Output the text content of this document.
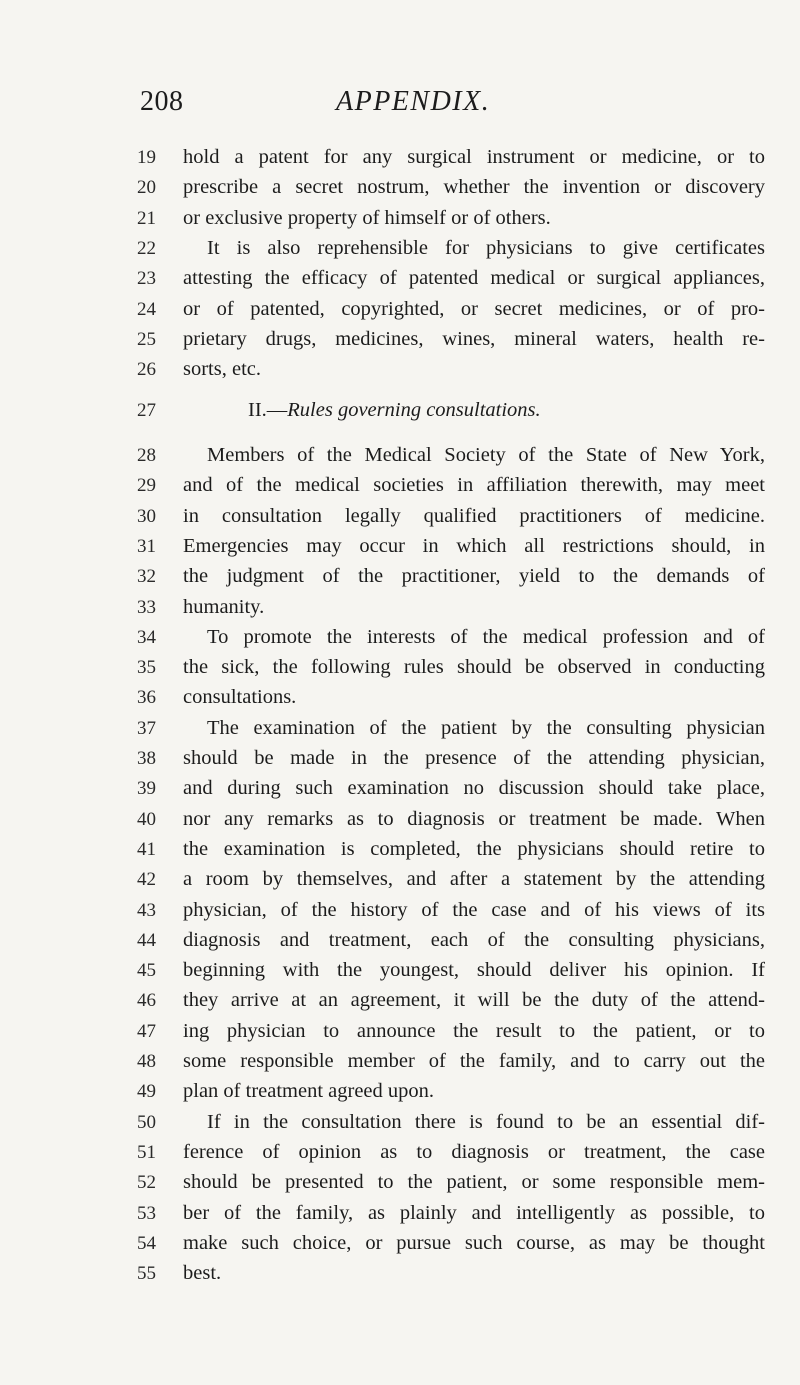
208	APPENDIX.
19	hold a patent for any surgical instrument or medicine, or to
20	prescribe a secret nostrum, whether the invention or discovery
21	or exclusive property of himself or of others.
22	It is also reprehensible for physicians to give certificates
23	attesting the efficacy of patented medical or surgical appliances,
24	or of patented, copyrighted, or secret medicines, or of pro-
25	prietary drugs, medicines, wines, mineral waters, health re-
26	sorts, etc.
27	II.—Rules governing consultations.
28	Members of the Medical Society of the State of New York,
29	and of the medical societies in affiliation therewith, may meet
30	in consultation legally qualified practitioners of medicine.
31	Emergencies may occur in which all restrictions should, in
32	the judgment of the practitioner, yield to the demands of
33	humanity.
34	To promote the interests of the medical profession and of
35	the sick, the following rules should be observed in conducting
36	consultations.
37	The examination of the patient by the consulting physician
38	should be made in the presence of the attending physician,
39	and during such examination no discussion should take place,
40	nor any remarks as to diagnosis or treatment be made. When
41	the examination is completed, the physicians should retire to
42	a room by themselves, and after a statement by the attending
43	physician, of the history of the case and of his views of its
44	diagnosis and treatment, each of the consulting physicians,
45	beginning with the youngest, should deliver his opinion. If
46	they arrive at an agreement, it will be the duty of the attend-
47	ing physician to announce the result to the patient, or to
48	some responsible member of the family, and to carry out the
49	plan of treatment agreed upon.
50	If in the consultation there is found to be an essential dif-
51	ference of opinion as to diagnosis or treatment, the case
52	should be presented to the patient, or some responsible mem-
53	ber of the family, as plainly and intelligently as possible, to
54	make such choice, or pursue such course, as may be thought
55	best.
